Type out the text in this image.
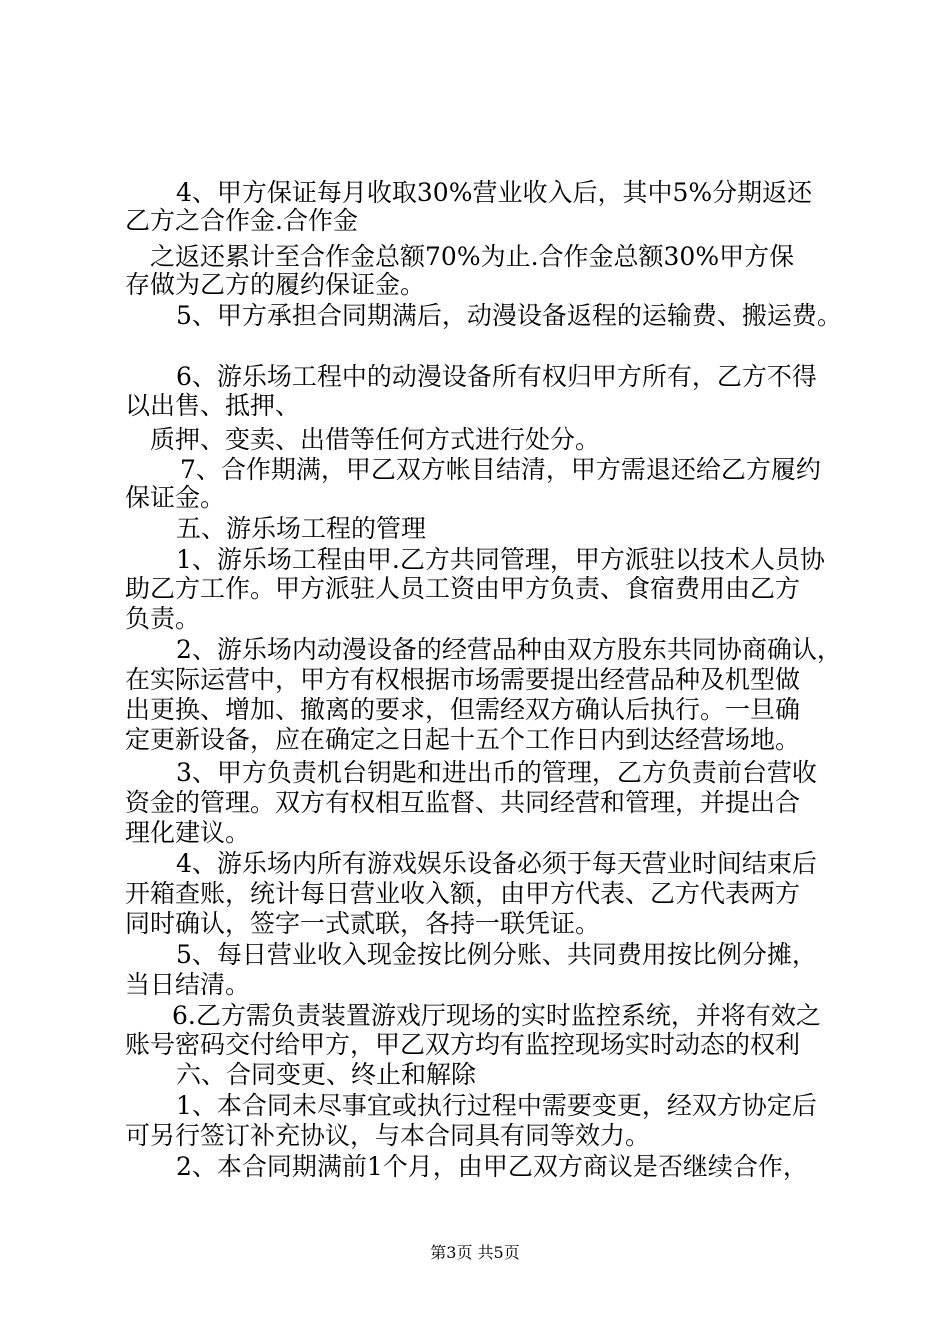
4、甲方保证每月收取30%营业收入后，其中5%分期返还
乙方之合作金.合作金
之返还累计至合作金总额70%为止.合作金总额30%甲方保
存做为乙方的履约保证金。
5、甲方承担合同期满后，动漫设备返程的运输费、搬运费。
6、游乐场工程中的动漫设备所有权归甲方所有，乙方不得
以出售、抵押、
质押、变卖、出借等任何方式进行处分。
7、合作期满，甲乙双方帐目结清，甲方需退还给乙方履约
保证金。
五、游乐场工程的管理
1、游乐场工程由甲.乙方共同管理，甲方派驻以技术人员协
助乙方工作。甲方派驻人员工资由甲方负责、食宿费用由乙方
负责。
2、游乐场内动漫设备的经营品种由双方股东共同协商确认，
在实际运营中，甲方有权根据市场需要提出经营品种及机型做
出更换、增加、撤离的要求，但需经双方确认后执行。一旦确
定更新设备，应在确定之日起十五个工作日内到达经营场地。
3、甲方负责机台钥匙和进出币的管理，乙方负责前台营收
资金的管理。双方有权相互监督、共同经营和管理，并提出合
理化建议。
4、游乐场内所有游戏娱乐设备必须于每天营业时间结束后
开箱查账，统计每日营业收入额，由甲方代表、乙方代表两方
同时确认，签字一式贰联，各持一联凭证。
5、每日营业收入现金按比例分账、共同费用按比例分摊，
当日结清。
6.乙方需负责装置游戏厅现场的实时监控系统，并将有效之
账号密码交付给甲方，甲乙双方均有监控现场实时动态的权利
六、合同变更、终止和解除
1、本合同未尽事宜或执行过程中需要变更，经双方协定后
可另行签订补充协议，与本合同具有同等效力。
2、本合同期满前1个月，由甲乙双方商议是否继续合作，
第3页 共5页
